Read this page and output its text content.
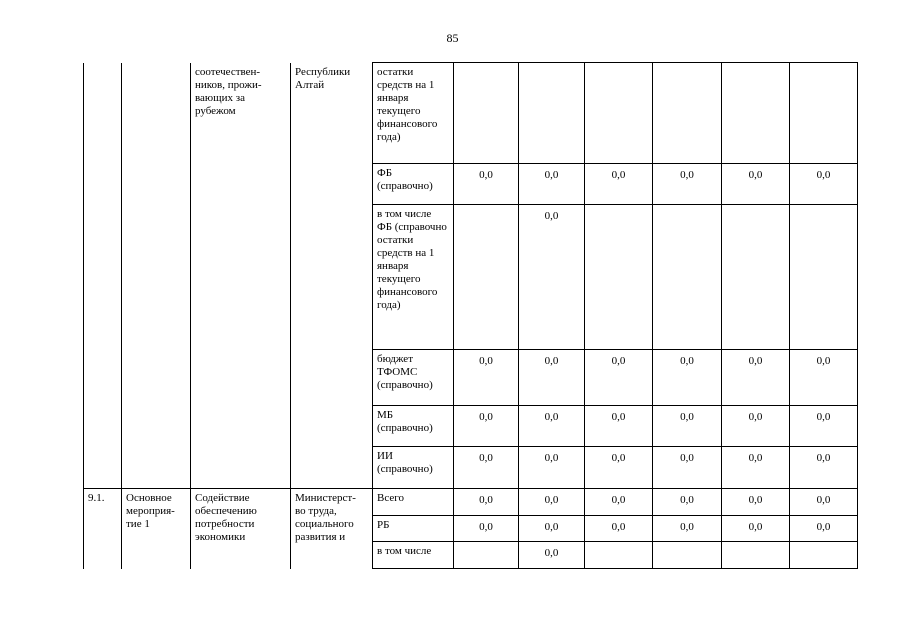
85

		соотечествен-
ников, прожи-
вающих за
рубежом	Республики
Алтай	остатки средств на 1 января текущего финансового года)						
				ФБ (справочно)	0,0	0,0	0,0	0,0	0,0	0,0
				в том числе ФБ (справочно остатки средств на 1 января текущего финансового года)		0,0				
				бюджет ТФОМС (справочно)	0,0	0,0	0,0	0,0	0,0	0,0
				МБ (справочно)	0,0	0,0	0,0	0,0	0,0	0,0
				ИИ (справочно)	0,0	0,0	0,0	0,0	0,0	0,0
9.1.	Основное
мероприя-
тие 1	Содействие
обеспечению
потребности
экономики	Министерст-
во труда,
социального
развития и	Всего	0,0	0,0	0,0	0,0	0,0	0,0
				РБ	0,0	0,0	0,0	0,0	0,0	0,0
				в том числе		0,0				
